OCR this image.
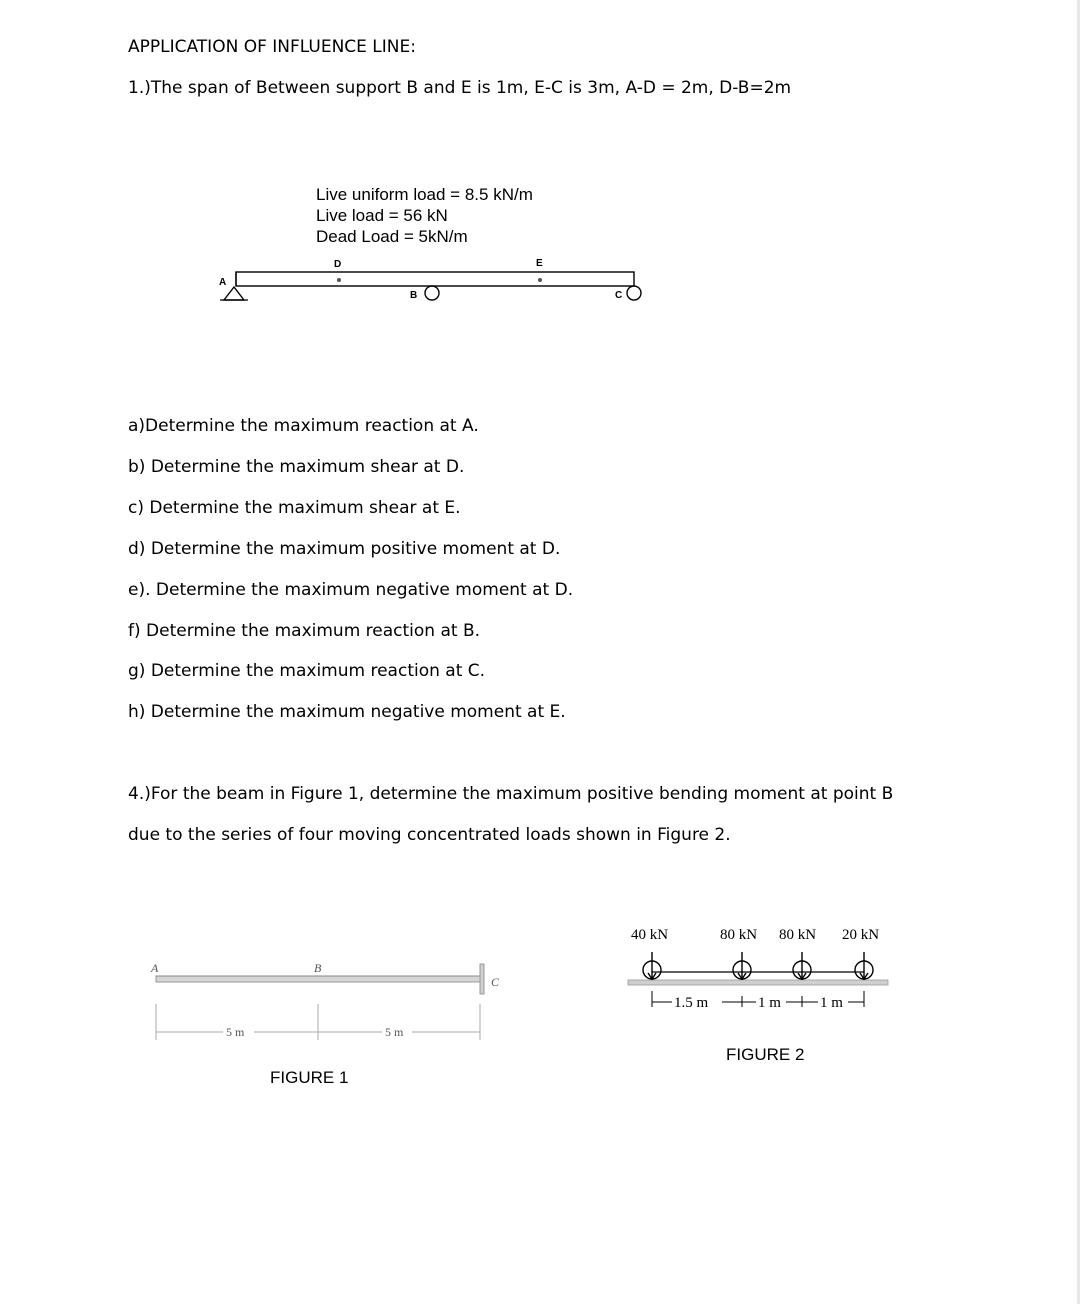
APPLICATION OF INFLUENCE LINE:
1.)The span of Between support B and E is 1m, E-C is 3m, A-D = 2m, D-B=2m
Live uniform load = 8.5 kN/m
Live load = 56 kN
Dead Load = 5kN/m
A
D	E
B	C
a)Determine the maximum reaction at A.
b) Determine the maximum shear at D.
c) Determine the maximum shear at E.
d) Determine the maximum positive moment at D.
e). Determine the maximum negative moment at D.
f) Determine the maximum reaction at B.
g) Determine the maximum reaction at C.
h) Determine the maximum negative moment at E.
4.)For the beam in Figure 1, determine the maximum positive bending moment at point B
due to the series of four moving concentrated loads shown in Figure 2.
A	B
C
5 m	5 m
FIGURE 1
40 kN	80 kN 80 kN 20 kN
1.5 m	1 m	1 m
FIGURE 2
